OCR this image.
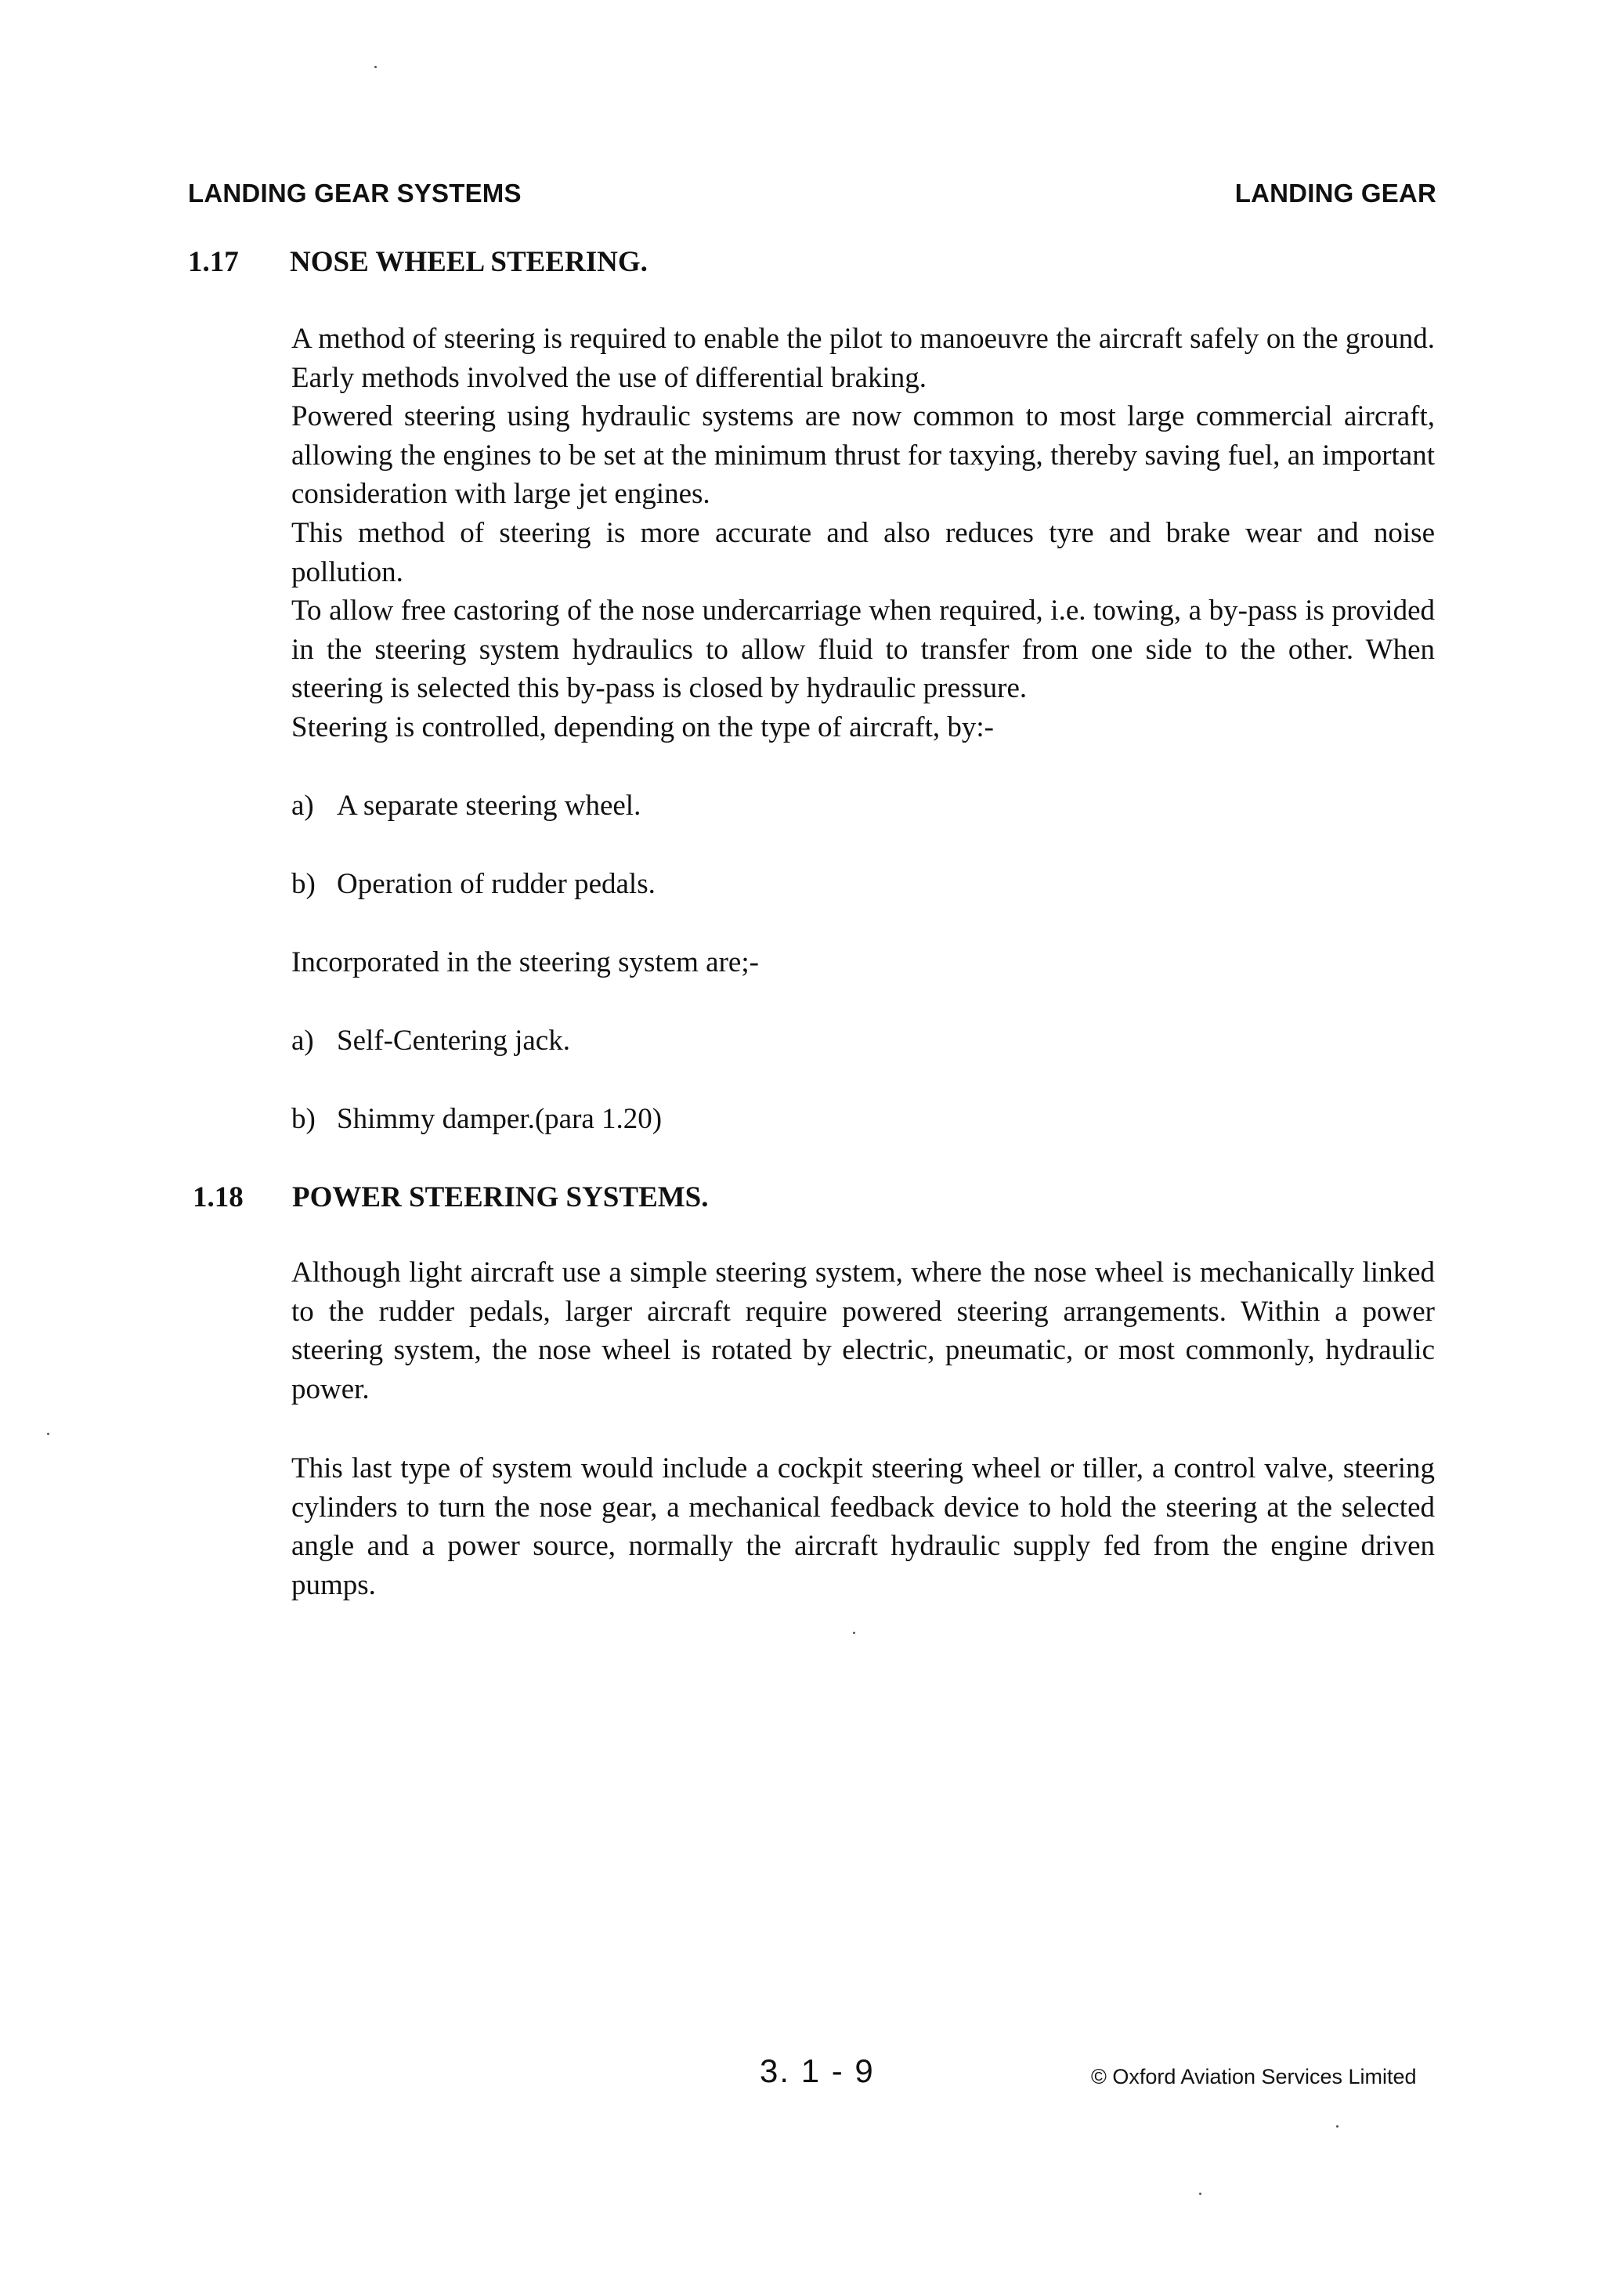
LANDING GEAR SYSTEMS	LANDING GEAR
1.17	NOSE WHEEL STEERING.

A method of steering is required to enable the pilot to manoeuvre the aircraft safely on the ground. Early methods involved the use of differential braking.

Powered steering using hydraulic systems are now common to most large commercial aircraft, allowing the engines to be set at the minimum thrust for taxying, thereby saving fuel, an important consideration with large jet engines.

This method of steering is more accurate and also reduces tyre and brake wear and noise pollution.

To allow free castoring of the nose undercarriage when required, i.e. towing, a by-pass is provided in the steering system hydraulics to allow fluid to transfer from one side to the other. When steering is selected this by-pass is closed by hydraulic pressure.

Steering is controlled, depending on the type of aircraft, by:-

a) A separate steering wheel.
b) Operation of rudder pedals.
Incorporated in the steering system are;-
a) Self-Centering jack.
b) Shimmy damper.(para 1.20)
1.18	POWER STEERING SYSTEMS.

Although light aircraft use a simple steering system, where the nose wheel is mechanically linked to the rudder pedals, larger aircraft require powered steering arrangements. Within a power steering system, the nose wheel is rotated by electric, pneumatic, or most commonly, hydraulic power.

This last type of system would include a cockpit steering wheel or tiller, a control valve, steering cylinders to turn the nose gear, a mechanical feedback device to hold the steering at the selected angle and a power source, normally the aircraft hydraulic supply fed from the engine driven pumps.

3. 1 - 9	© Oxford Aviation Services Limited
